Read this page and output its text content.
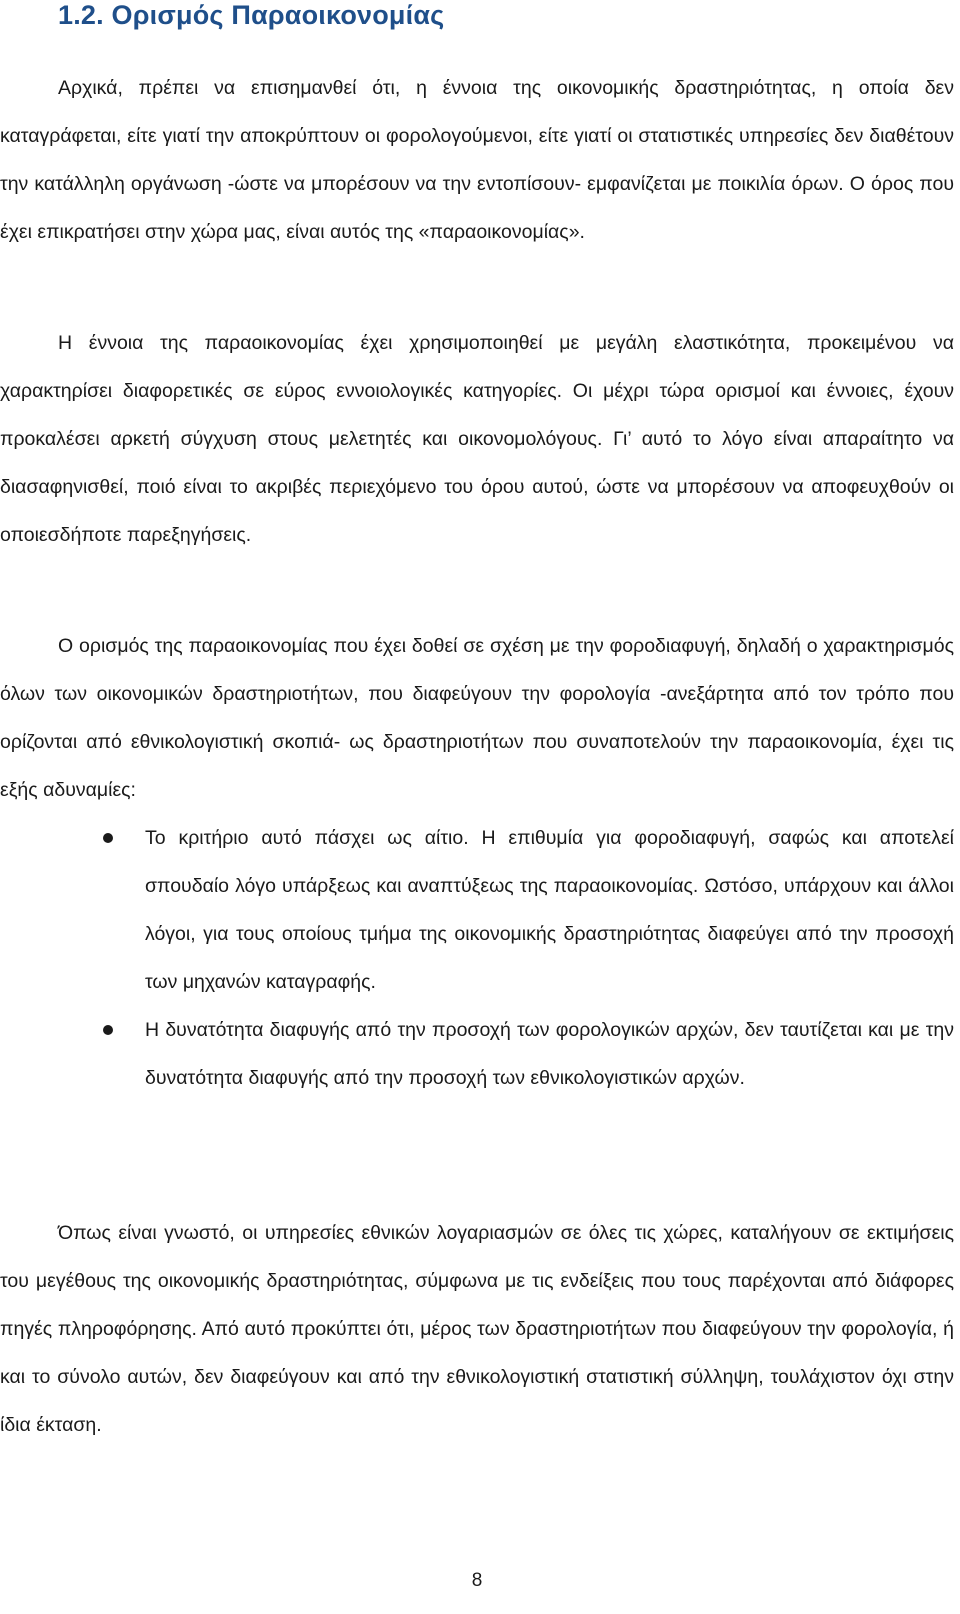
1.2. Ορισμός Παραοικονομίας

Αρχικά, πρέπει να επισημανθεί ότι, η έννοια της οικονομικής δραστηριότητας, η οποία δεν καταγράφεται, είτε γιατί την αποκρύπτουν οι φορολογούμενοι, είτε γιατί οι στατιστικές υπηρεσίες δεν διαθέτουν την κατάλληλη οργάνωση -ώστε να μπορέσουν να την εντοπίσουν- εμφανίζεται με ποικιλία όρων. Ο όρος που έχει επικρατήσει στην χώρα μας, είναι αυτός της «παραοικονομίας».

Η έννοια της παραοικονομίας έχει χρησιμοποιηθεί με μεγάλη ελαστικότητα, προκειμένου να χαρακτηρίσει διαφορετικές σε εύρος εννοιολογικές κατηγορίες. Οι μέχρι τώρα ορισμοί και έννοιες, έχουν προκαλέσει αρκετή σύγχυση στους μελετητές και οικονομολόγους. Γι’ αυτό το λόγο είναι απαραίτητο να διασαφηνισθεί, ποιό είναι το ακριβές περιεχόμενο του όρου αυτού, ώστε να μπορέσουν να αποφευχθούν οι οποιεσδήποτε παρεξηγήσεις.

Ο ορισμός της παραοικονομίας που έχει δοθεί σε σχέση με την φοροδιαφυγή, δηλαδή ο χαρακτηρισμός όλων των οικονομικών δραστηριοτήτων, που διαφεύγουν την φορολογία -ανεξάρτητα από τον τρόπο που ορίζονται από εθνικολογιστική σκοπιά- ως δραστηριοτήτων που συναποτελούν την παραοικονομία, έχει τις εξής αδυναμίες:

Το κριτήριο αυτό πάσχει ως αίτιο. Η επιθυμία για φοροδιαφυγή, σαφώς και αποτελεί σπουδαίο λόγο υπάρξεως και αναπτύξεως της παραοικονομίας. Ωστόσο, υπάρχουν και άλλοι λόγοι, για τους οποίους τμήμα της οικονομικής δραστηριότητας διαφεύγει από την προσοχή των μηχανών καταγραφής.
Η δυνατότητα διαφυγής από την προσοχή των φορολογικών αρχών, δεν ταυτίζεται και με την δυνατότητα διαφυγής από την προσοχή των εθνικολογιστικών αρχών.

Όπως είναι γνωστό, οι υπηρεσίες εθνικών λογαριασμών σε όλες τις χώρες, καταλήγουν σε εκτιμήσεις του μεγέθους της οικονομικής δραστηριότητας, σύμφωνα με τις ενδείξεις που τους παρέχονται από διάφορες πηγές πληροφόρησης. Από αυτό προκύπτει ότι, μέρος των δραστηριοτήτων που διαφεύγουν την φορολογία, ή και το σύνολο αυτών, δεν διαφεύγουν και από την εθνικολογιστική στατιστική σύλληψη, τουλάχιστον όχι στην ίδια έκταση.

8
